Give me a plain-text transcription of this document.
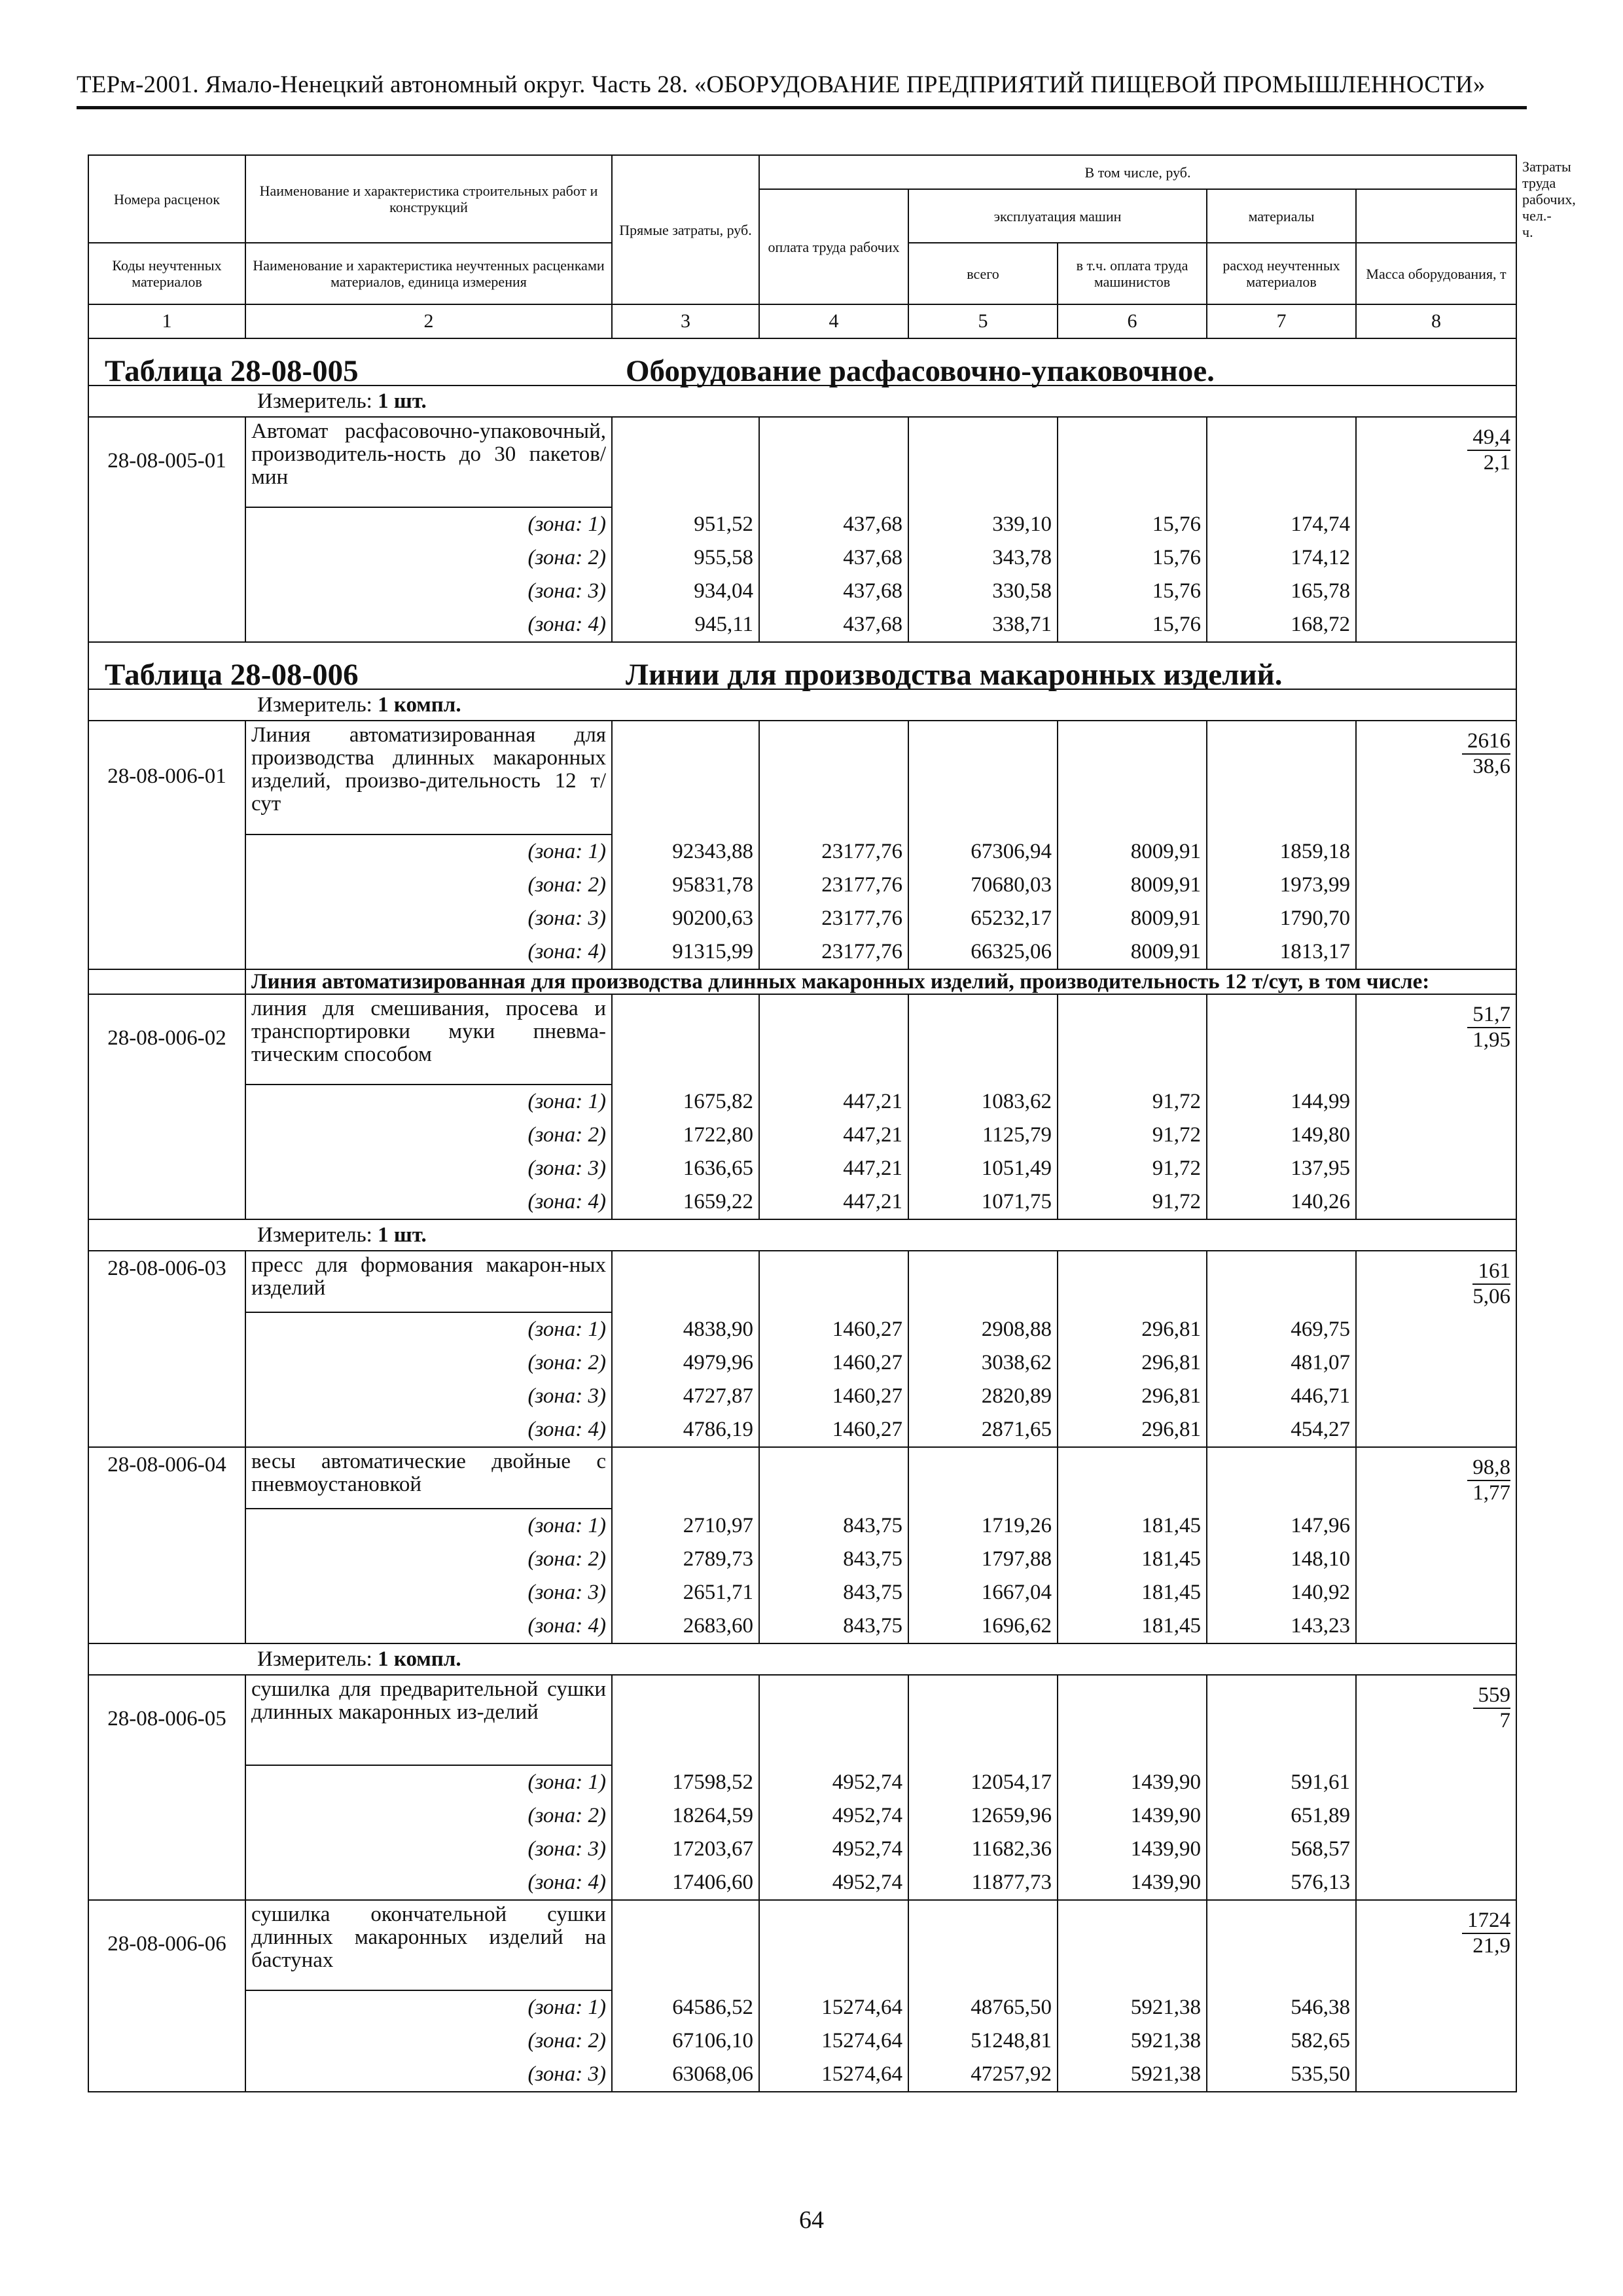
ТЕРм-2001. Ямало-Ненецкий автономный округ. Часть 28. «ОБОРУДОВАНИЕ ПРЕДПРИЯТИЙ ПИЩЕВОЙ ПРОМЫШЛЕННОСТИ»
Номера расценок	Наименование и характеристика строительных работ и конструкций	Прямые затраты, руб.	В том числе, руб.					Затраты труда рабочих, чел.-ч.
			оплата труда рабочих	эксплуатация машин		материалы		
Коды неучтенных материалов	Наименование и характеристика неучтенных расценками материалов, единица измерения			всего	в т.ч. оплата труда машинистов	расход неучтенных материалов	Масса оборудования, т	
1	2	3	4	5	6	7	8	

Таблица 28-08-005 Оборудование расфасовочно-упаковочное.								

	Измеритель: 1 шт.							
28-08-005-01	Автомат расфасовочно-упаковочный, производитель-ность до 30 пакетов/мин						$\frac{49,4}{2,1}$

	(зона: 1)	951,52	437,68	339,10	15,76	174,74		
	(зона: 2)	955,58	437,68	343,78	15,76	174,12		
	(зона: 3)	934,04	437,68	330,58	15,76	165,78		
	(зона: 4)	945,11	437,68	338,71	15,76	168,72		

Таблица 28-08-006 Линии для производства макаронных изделий.								

	Измеритель: 1 компл.							
28-08-006-01	Линия автоматизированная для производства длинных макаронных изделий, произво-дительность 12 т/сут						$\frac{2616}{38,6}$

	(зона: 1)	92343,88	23177,76	67306,94	8009,91	1859,18		
	(зона: 2)	95831,78	23177,76	70680,03	8009,91	1973,99		
	(зона: 3)	90200,63	23177,76	65232,17	8009,91	1790,70		
	(зона: 4)	91315,99	23177,76	66325,06	8009,91	1813,17		
	Линия автоматизированная для производства длинных макаронных изделий, производительность 12 т/сут, в том числе:							
28-08-006-02	линия для смешивания, просева и транспортировки муки пневма-тическим способом						$\frac{51,7}{1,95}$

	(зона: 1)	1675,82	447,21	1083,62	91,72	144,99		
	(зона: 2)	1722,80	447,21	1125,79	91,72	149,80		
	(зона: 3)	1636,65	447,21	1051,49	91,72	137,95		
	(зона: 4)	1659,22	447,21	1071,75	91,72	140,26		
	Измеритель: 1 шт.							
28-08-006-03	пресс для формования макарон-ных изделий						$\frac{161}{5,06}$

	(зона: 1)	4838,90	1460,27	2908,88	296,81	469,75		
	(зона: 2)	4979,96	1460,27	3038,62	296,81	481,07		
	(зона: 3)	4727,87	1460,27	2820,89	296,81	446,71		
	(зона: 4)	4786,19	1460,27	2871,65	296,81	454,27		
28-08-006-04	весы автоматические двойные с пневмоустановкой						$\frac{98,8}{1,77}$

	(зона: 1)	2710,97	843,75	1719,26	181,45	147,96		
	(зона: 2)	2789,73	843,75	1797,88	181,45	148,10		
	(зона: 3)	2651,71	843,75	1667,04	181,45	140,92		
	(зона: 4)	2683,60	843,75	1696,62	181,45	143,23		
	Измеритель: 1 компл.							
28-08-006-05	сушилка для предварительной сушки длинных макаронных из-делий						$\frac{559}{7}$

	(зона: 1)	17598,52	4952,74	12054,17	1439,90	591,61		
	(зона: 2)	18264,59	4952,74	12659,96	1439,90	651,89		
	(зона: 3)	17203,67	4952,74	11682,36	1439,90	568,57		
	(зона: 4)	17406,60	4952,74	11877,73	1439,90	576,13		
28-08-006-06	сушилка окончательной сушки длинных макаронных изделий на бастунах						$\frac{1724}{21,9}$

	(зона: 1)	64586,52	15274,64	48765,50	5921,38	546,38		
	(зона: 2)	67106,10	15274,64	51248,81	5921,38	582,65		
	(зона: 3)	63068,06	15274,64	47257,92	5921,38	535,50		
64
